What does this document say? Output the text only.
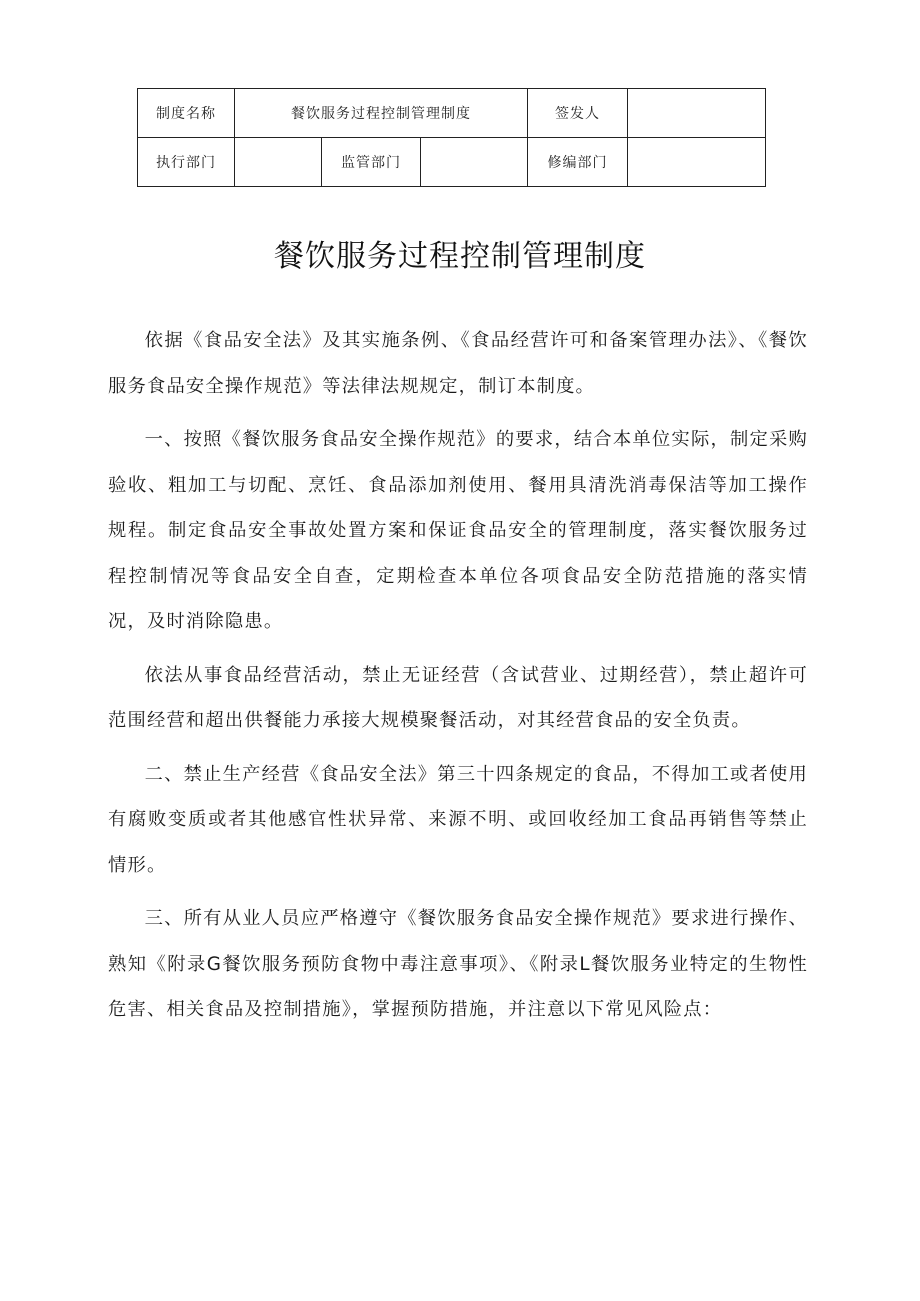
制度名称	餐饮服务过程控制管理制度			签发人	
执行部门		监管部门		修编部门	
餐饮服务过程控制管理制度

依据《食品安全法》及其实施条例、《食品经营许可和备案管理办法》、《餐饮服务食品安全操作规范》等法律法规规定，制订本制度。

一、按照《餐饮服务食品安全操作规范》的要求，结合本单位实际，制定采购验收、粗加工与切配、烹饪、食品添加剂使用、餐用具清洗消毒保洁等加工操作规程。制定食品安全事故处置方案和保证食品安全的管理制度，落实餐饮服务过程控制情况等食品安全自查，定期检查本单位各项食品安全防范措施的落实情况，及时消除隐患。

依法从事食品经营活动，禁止无证经营（含试营业、过期经营），禁止超许可范围经营和超出供餐能力承接大规模聚餐活动，对其经营食品的安全负责。

二、禁止生产经营《食品安全法》第三十四条规定的食品，不得加工或者使用有腐败变质或者其他感官性状异常、来源不明、或回收经加工食品再销售等禁止情形。

三、所有从业人员应严格遵守《餐饮服务食品安全操作规范》要求进行操作、熟知《附录G餐饮服务预防食物中毒注意事项》、《附录L餐饮服务业特定的生物性危害、相关食品及控制措施》，掌握预防措施，并注意以下常见风险点：
